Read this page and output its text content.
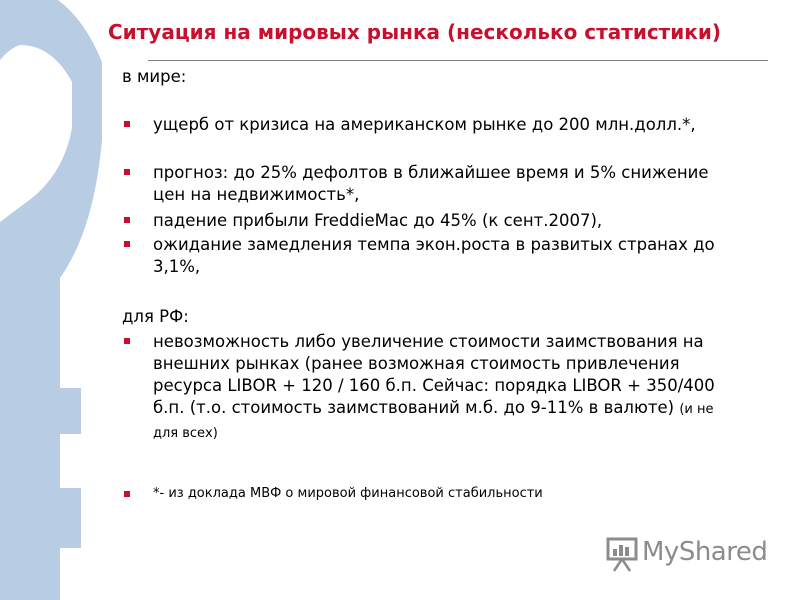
Ситуация на мировых рынка (несколько статистики)
в мире:
ущерб от кризиса на американском рынке до 200 млн.долл.*,
прогноз: до 25% дефолтов в ближайшее время и 5% снижение цен на недвижимость*,
падение прибыли FreddieMac до 45% (к сент.2007),
ожидание замедления темпа экон.роста в развитых странах до 3,1%,
для РФ:
невозможность либо увеличение стоимости заимствования на внешних рынках (ранее возможная стоимость привлечения ресурса LIBOR + 120 / 160 б.п. Сейчас: порядка LIBOR + 350/400 б.п. (т.о. стоимость заимствований м.б. до 9-11% в валюте) (и не для всех)
*- из доклада МВФ о мировой финансовой стабильности
MyShared
